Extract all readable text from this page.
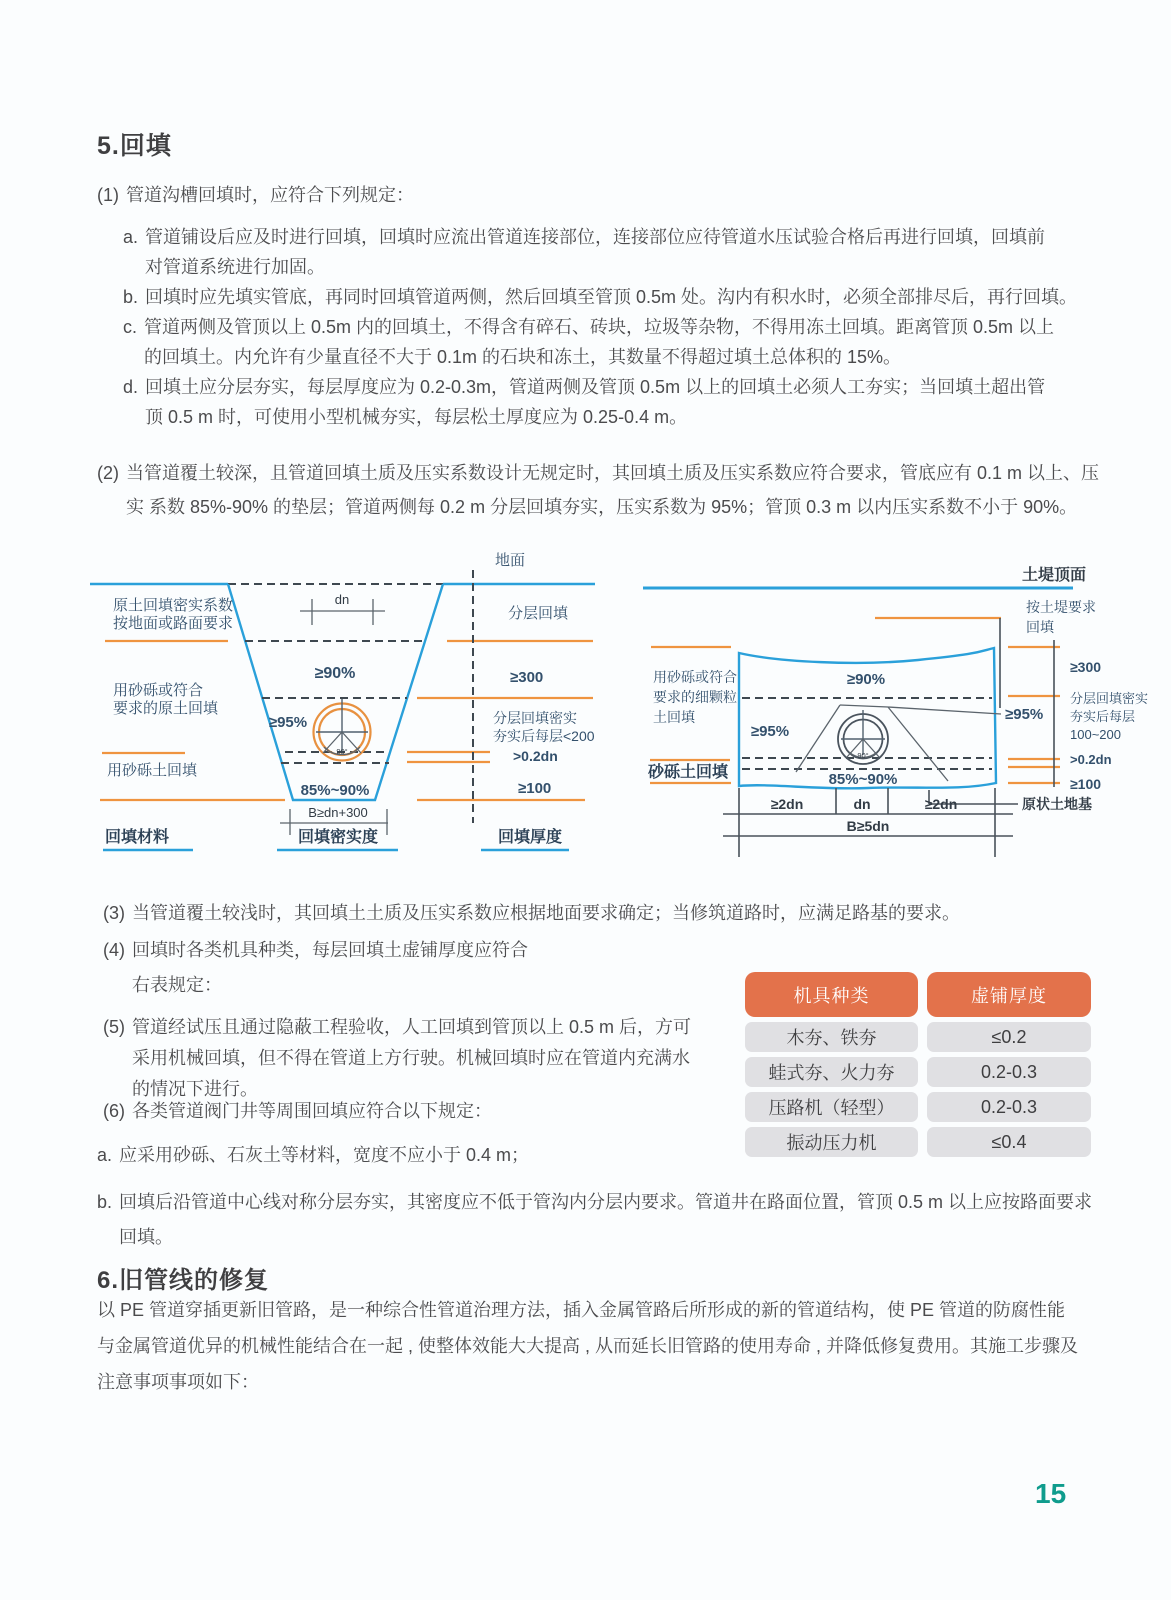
5.回填
(1) 管道沟槽回填时，应符合下列规定：
a. 管道铺设后应及时进行回填，回填时应流出管道连接部位，连接部位应待管道水压试验合格后再进行回填，回填前
对管道系统进行加固。
b. 回填时应先填实管底，再同时回填管道两侧，然后回填至管顶 0.5m 处。沟内有积水时，必须全部排尽后，再行回填。
c. 管道两侧及管顶以上 0.5m 内的回填土，不得含有碎石、砖块，垃圾等杂物，不得用冻土回填。距离管顶 0.5m 以上
的回填土。内允许有少量直径不大于 0.1m 的石块和冻土，其数量不得超过填土总体积的 15%。
d. 回填土应分层夯实，每层厚度应为 0.2-0.3m，管道两侧及管顶 0.5m 以上的回填土必须人工夯实；当回填土超出管
顶 0.5 m 时，可使用小型机械夯实，每层松土厚度应为 0.25-0.4 m。
(2) 当管道覆土较深，且管道回填土质及压实系数设计无规定时，其回填土质及压实系数应符合要求，管底应有 0.1 m 以上、压
实 系数 85%-90% 的垫层；管道两侧每 0.2 m 分层回填夯实，压实系数为 95%；管顶 0.3 m 以内压实系数不小于 90%。
dn
90°
B≥dn+300
地面
≥90%
≥95%
85%~90%
原土回填密实系数
按地面或路面要求
用砂砾或符合
要求的原土回填
用砂砾土回填
分层回填
≥300
分层回填密实
夯实后每层<200
>0.2dn
≥100
回填材料	回填密实度	回填厚度
土堤顶面
按土堤要求
回填
90°
≥90%
≥95%
≥95%
85%~90%
用砂砾或符合
要求的细颗粒
土回填
砂砾土回填
≥300
分层回填密实
夯实后每层
100~200
>0.2dn
≥100
≥2dn	dn	≥2dn
B≥5dn
原状土地基
(3) 当管道覆土较浅时，其回填土土质及压实系数应根据地面要求确定；当修筑道路时，应满足路基的要求。
(4) 回填时各类机具种类，每层回填土虚铺厚度应符合
右表规定：
机具种类	虚铺厚度
木夯、铁夯	≤0.2
蛙式夯、火力夯	0.2-0.3
压路机（轻型）	0.2-0.3
振动压力机	≤0.4
(5) 管道经试压且通过隐蔽工程验收，人工回填到管顶以上 0.5 m 后，方可
采用机械回填，但不得在管道上方行驶。机械回填时应在管道内充满水
的情况下进行。
(6) 各类管道阀门井等周围回填应符合以下规定：
a. 应采用砂砾、石灰土等材料，宽度不应小于 0.4 m；
b. 回填后沿管道中心线对称分层夯实，其密度应不低于管沟内分层内要求。管道井在路面位置，管顶 0.5 m 以上应按路面要求
回填。
6.旧管线的修复
以 PE 管道穿插更新旧管路，是一种综合性管道治理方法，插入金属管路后所形成的新的管道结构，使 PE 管道的防腐性能
与金属管道优异的机械性能结合在一起 , 使整体效能大大提高 , 从而延长旧管路的使用寿命 , 并降低修复费用。其施工步骤及
注意事项事项如下：
15
